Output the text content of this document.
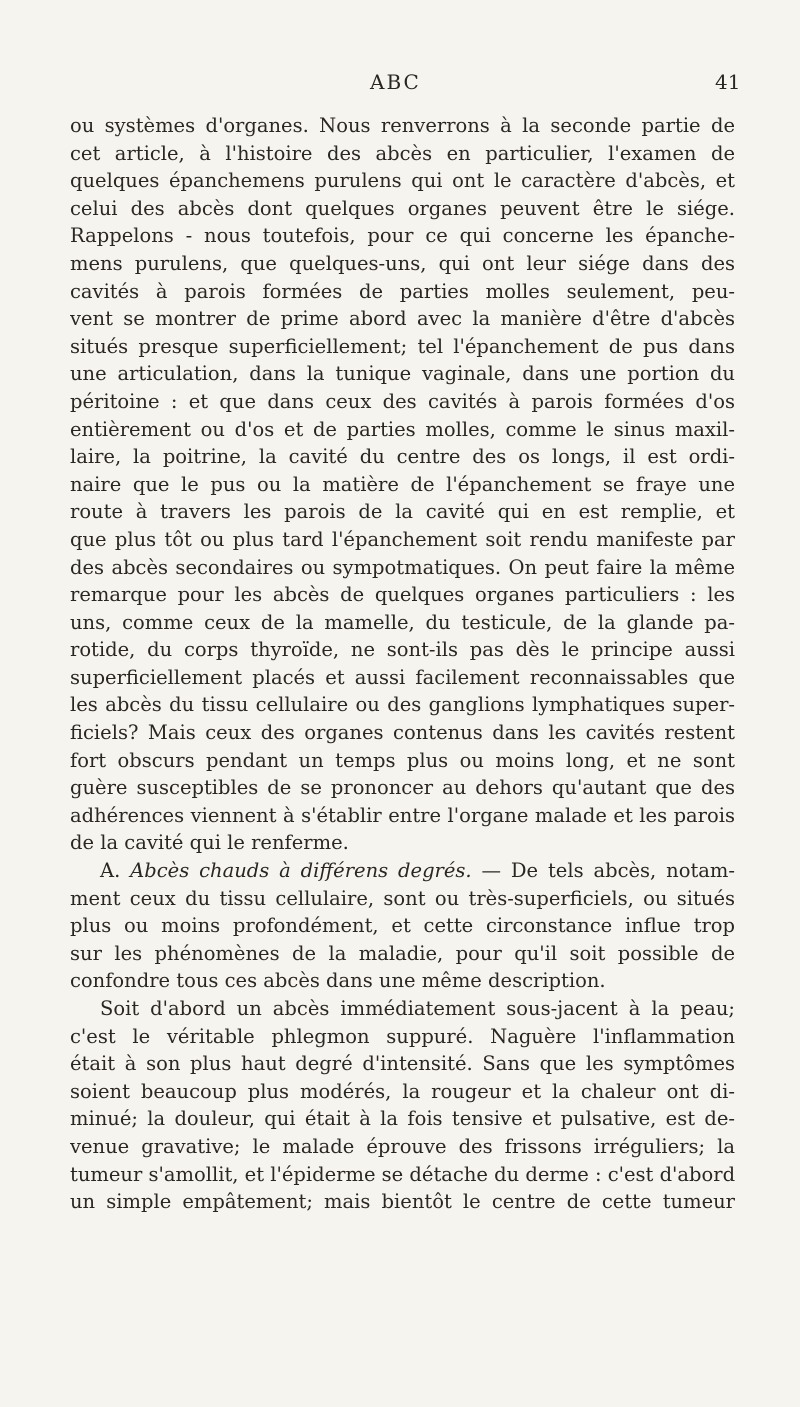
ABC	41
ou systèmes d'organes. Nous renverrons à la seconde partie de
cet article, à l'histoire des abcès en particulier, l'examen de
quelques épanchemens purulens qui ont le caractère d'abcès, et
celui des abcès dont quelques organes peuvent être le siége.
Rappelons - nous toutefois, pour ce qui concerne les épanche-
mens purulens, que quelques-uns, qui ont leur siége dans des
cavités à parois formées de parties molles seulement, peu-
vent se montrer de prime abord avec la manière d'être d'abcès
situés presque superficiellement; tel l'épanchement de pus dans
une articulation, dans la tunique vaginale, dans une portion du
péritoine : et que dans ceux des cavités à parois formées d'os
entièrement ou d'os et de parties molles, comme le sinus maxil-
laire, la poitrine, la cavité du centre des os longs, il est ordi-
naire que le pus ou la matière de l'épanchement se fraye une
route à travers les parois de la cavité qui en est remplie, et
que plus tôt ou plus tard l'épanchement soit rendu manifeste par
des abcès secondaires ou sympotmatiques. On peut faire la même
remarque pour les abcès de quelques organes particuliers : les
uns, comme ceux de la mamelle, du testicule, de la glande pa-
rotide, du corps thyroïde, ne sont-ils pas dès le principe aussi
superficiellement placés et aussi facilement reconnaissables que
les abcès du tissu cellulaire ou des ganglions lymphatiques super-
ficiels? Mais ceux des organes contenus dans les cavités restent
fort obscurs pendant un temps plus ou moins long, et ne sont
guère susceptibles de se prononcer au dehors qu'autant que des
adhérences viennent à s'établir entre l'organe malade et les parois
de la cavité qui le renferme.
A. Abcès chauds à différens degrés. — De tels abcès, notam-
ment ceux du tissu cellulaire, sont ou très-superficiels, ou situés
plus ou moins profondément, et cette circonstance influe trop
sur les phénomènes de la maladie, pour qu'il soit possible de
confondre tous ces abcès dans une même description.
Soit d'abord un abcès immédiatement sous-jacent à la peau;
c'est le véritable phlegmon suppuré. Naguère l'inflammation
était à son plus haut degré d'intensité. Sans que les symptômes
soient beaucoup plus modérés, la rougeur et la chaleur ont di-
minué; la douleur, qui était à la fois tensive et pulsative, est de-
venue gravative; le malade éprouve des frissons irréguliers; la
tumeur s'amollit, et l'épiderme se détache du derme : c'est d'abord
un simple empâtement; mais bientôt le centre de cette tumeur
